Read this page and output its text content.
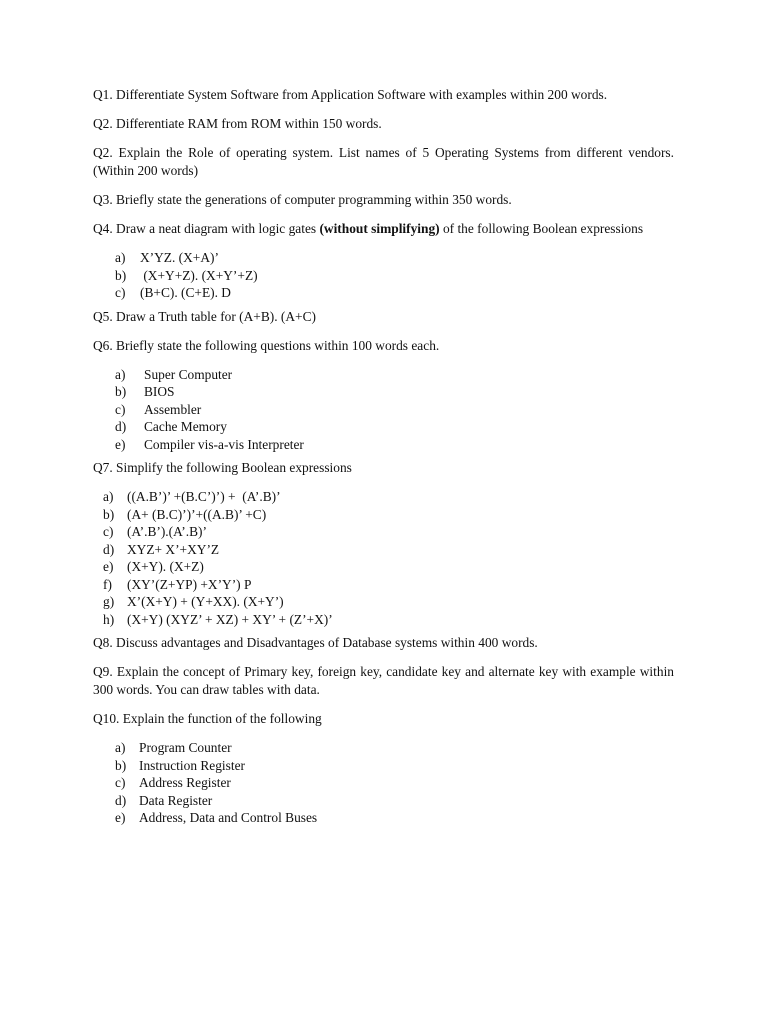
Q1. Differentiate System Software from Application Software with examples within 200 words.

Q2. Differentiate RAM from ROM within 150 words.

Q2. Explain the Role of operating system. List names of 5 Operating Systems from different vendors. (Within 200 words)

Q3. Briefly state the generations of computer programming within 350 words.

Q4. Draw a neat diagram with logic gates (without simplifying) of the following Boolean expressions

a) X’YZ. (X+A)’
b) (X+Y+Z). (X+Y’+Z)
c) (B+C). (C+E). D

Q5. Draw a Truth table for (A+B). (A+C)

Q6. Briefly state the following questions within 100 words each.

a) Super Computer
b) BIOS
c) Assembler
d) Cache Memory
e) Compiler vis-a-vis Interpreter

Q7. Simplify the following Boolean expressions

a) ((A.B’)’ +(B.C’)’) +  (A’.B)’
b) (A+ (B.C)’)’+((A.B)’ +C)
c) (A’.B’).(A’.B)’
d) XYZ+ X’+XY’Z
e) (X+Y). (X+Z)
f) (XY’(Z+YP) +X’Y’) P
g) X’(X+Y) + (Y+XX). (X+Y’)
h) (X+Y) (XYZ’ + XZ) + XY’ + (Z’+X)’

Q8. Discuss advantages and Disadvantages of Database systems within 400 words.

Q9. Explain the concept of Primary key, foreign key, candidate key and alternate key with example within 300 words. You can draw tables with data.

Q10. Explain the function of the following

a) Program Counter
b) Instruction Register
c) Address Register
d) Data Register
e) Address, Data and Control Buses
